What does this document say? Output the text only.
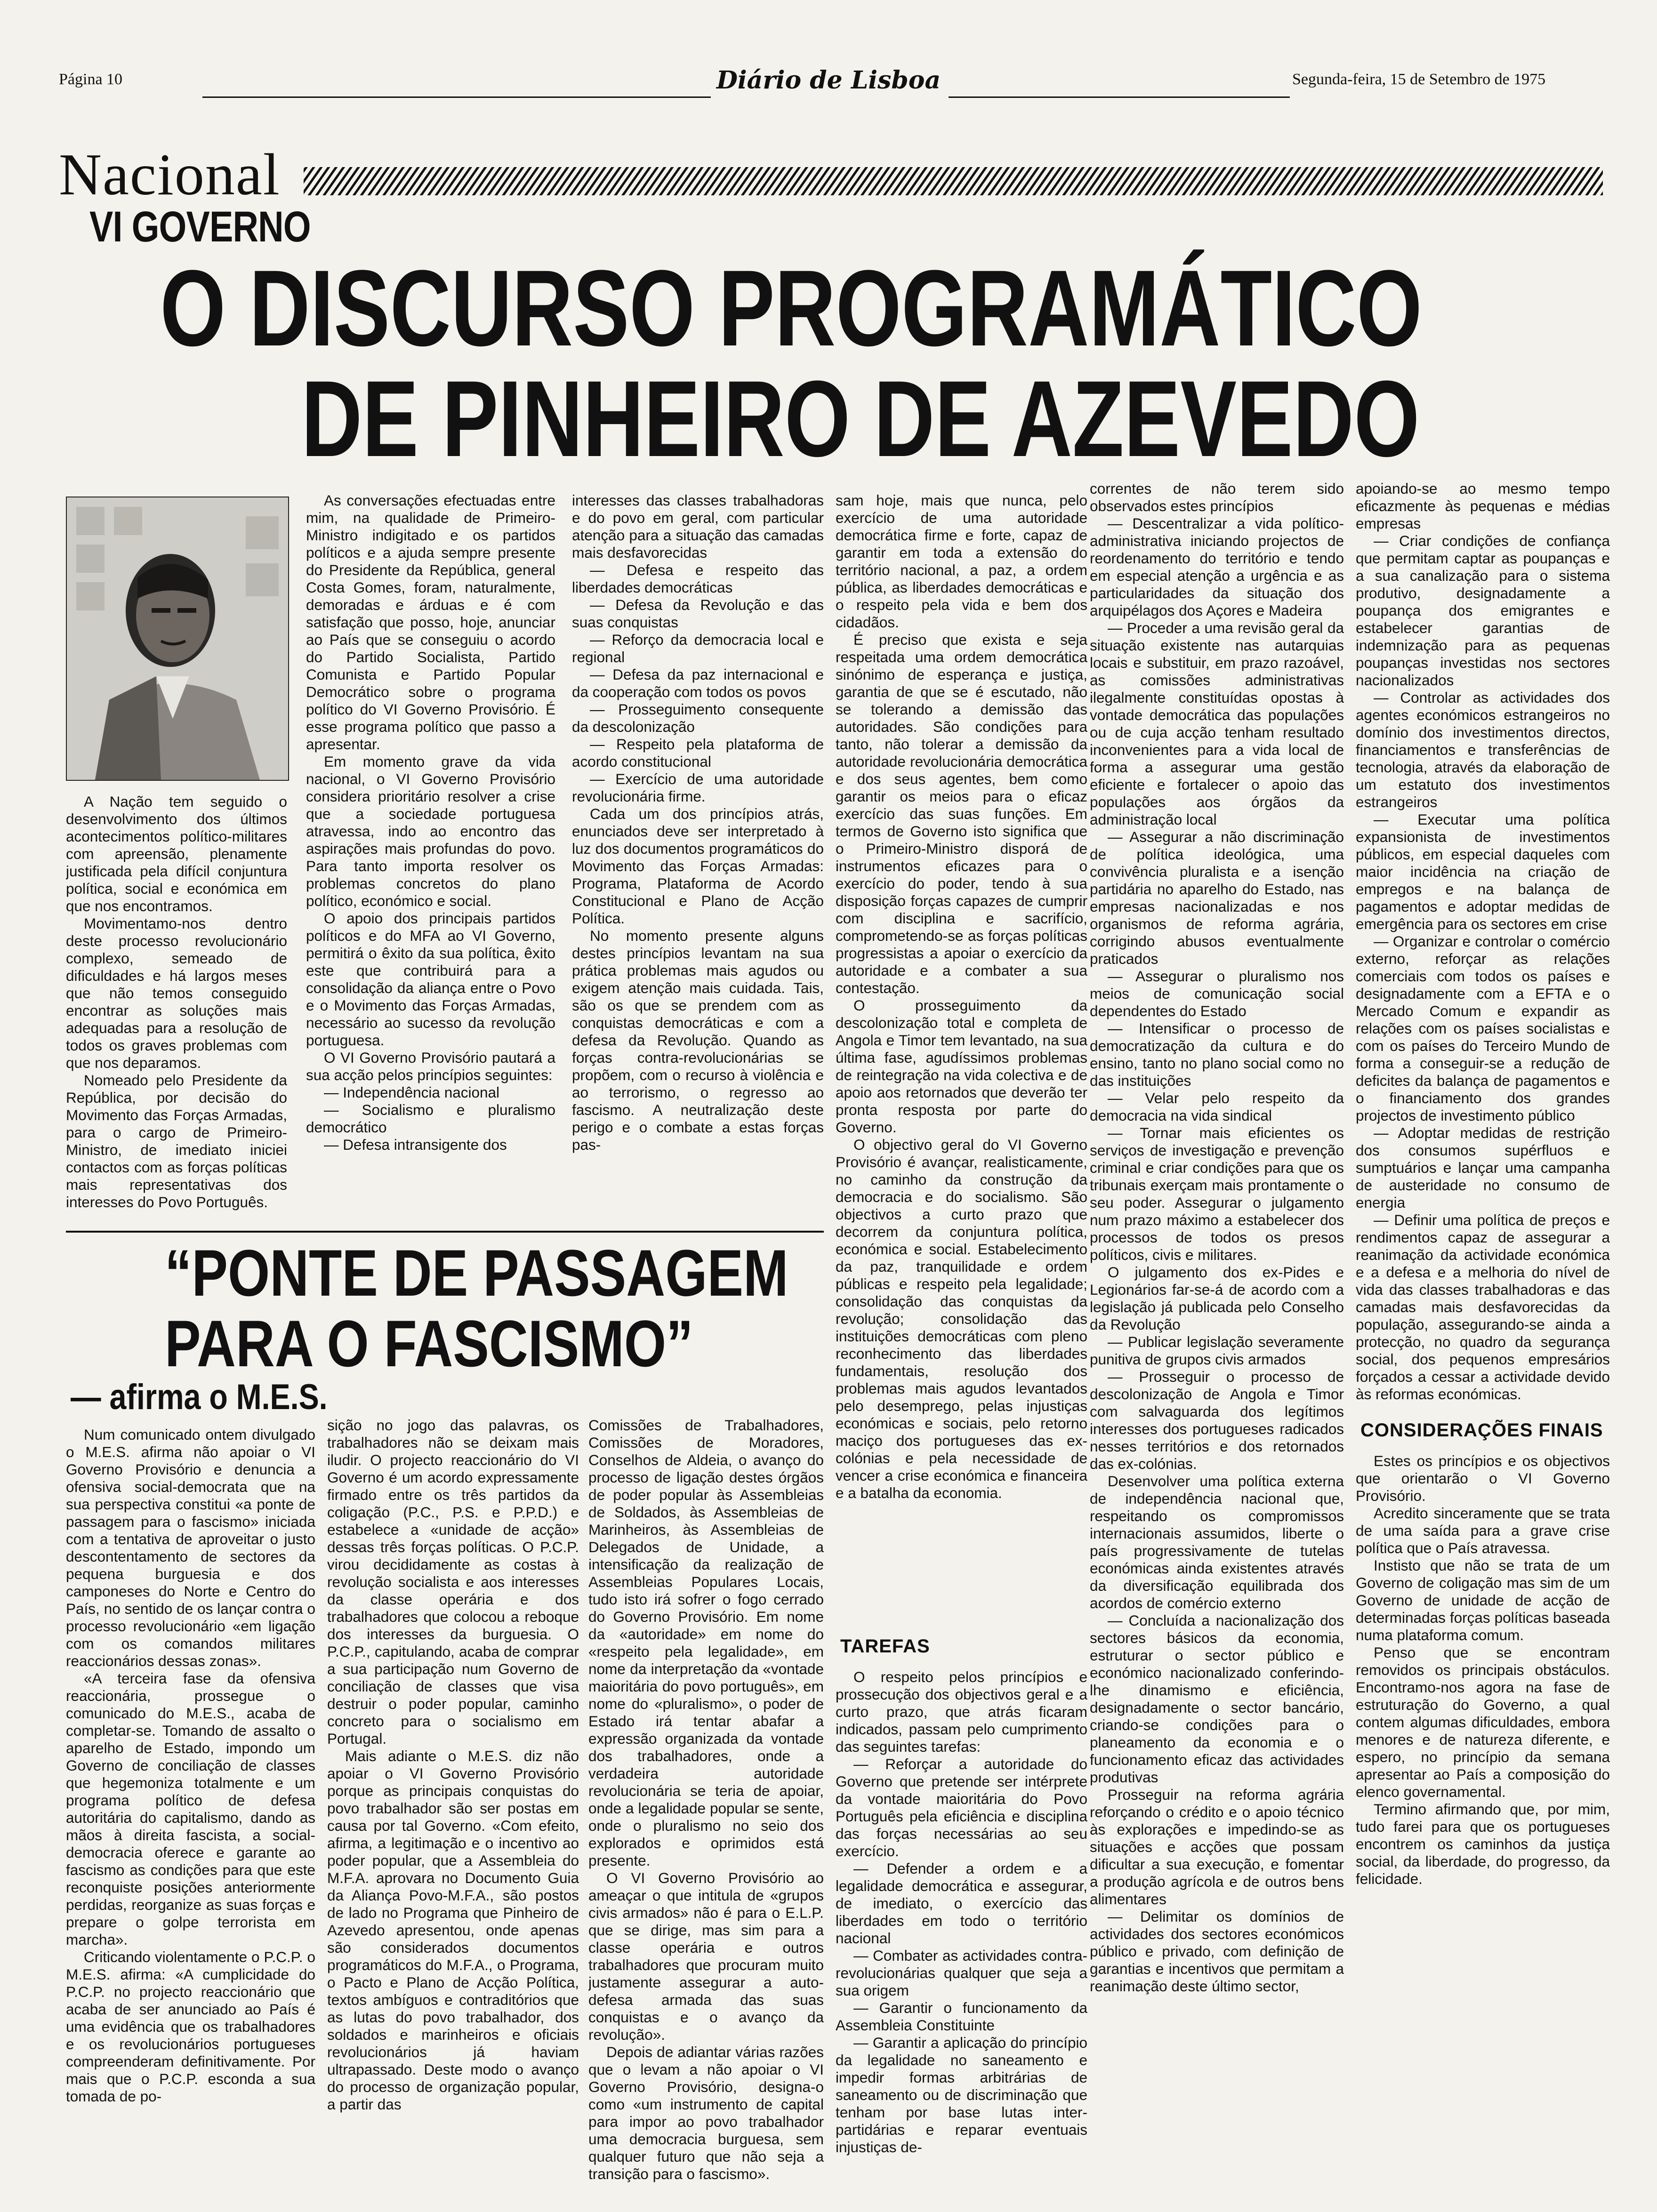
Página 10	Diário de Lisboa	Segunda-feira, 15 de Setembro de 1975
Nacional
VI GOVERNO
O DISCURSO PROGRAMÁTICO
DE PINHEIRO DE AZEVEDO

A Nação tem seguido o desenvolvimento dos últimos acontecimentos político-militares com apreensão, plenamente justificada pela difícil conjuntura política, social e económica em que nos encontramos.

Movimentamo-nos dentro deste processo revolucionário complexo, semeado de dificuldades e há largos meses que não temos conseguido encontrar as soluções mais adequadas para a resolução de todos os graves problemas com que nos deparamos.

Nomeado pelo Presidente da República, por decisão do Movimento das Forças Armadas, para o cargo de Primeiro-Ministro, de imediato iniciei contactos com as forças políticas mais representativas dos interesses do Povo Português.

As conversações efectuadas entre mim, na qualidade de Primeiro-Ministro indigitado e os partidos políticos e a ajuda sempre presente do Presidente da República, general Costa Gomes, foram, naturalmente, demoradas e árduas e é com satisfação que posso, hoje, anunciar ao País que se conseguiu o acordo do Partido Socialista, Partido Comunista e Partido Popular Democrático sobre o programa político do VI Governo Provisório. É esse programa político que passo a apresentar.

Em momento grave da vida nacional, o VI Governo Provisório considera prioritário resolver a crise que a sociedade portuguesa atravessa, indo ao encontro das aspirações mais profundas do povo. Para tanto importa resolver os problemas concretos do plano político, económico e social.

O apoio dos principais partidos políticos e do MFA ao VI Governo, permitirá o êxito da sua política, êxito este que contribuirá para a consolidação da aliança entre o Povo e o Movimento das Forças Armadas, necessário ao sucesso da revolução portuguesa.

O VI Governo Provisório pautará a sua acção pelos princípios seguintes:

— Independência nacional

— Socialismo e pluralismo democrático

— Defesa intransigente dos

interesses das classes trabalhadoras e do povo em geral, com particular atenção para a situação das camadas mais desfavorecidas

— Defesa e respeito das liberdades democráticas

— Defesa da Revolução e das suas conquistas

— Reforço da democracia local e regional

— Defesa da paz internacional e da cooperação com todos os povos

— Prosseguimento consequente da descolonização

— Respeito pela plataforma de acordo constitucional

— Exercício de uma autoridade revolucionária firme.

Cada um dos princípios atrás, enunciados deve ser interpretado à luz dos documentos programáticos do Movimento das Forças Armadas: Programa, Plataforma de Acordo Constitucional e Plano de Acção Política.

No momento presente alguns destes princípios levantam na sua prática problemas mais agudos ou exigem atenção mais cuidada. Tais, são os que se prendem com as conquistas democráticas e com a defesa da Revolução. Quando as forças contra-revolucionárias se propõem, com o recurso à violência e ao terrorismo, o regresso ao fascismo. A neutralização deste perigo e o combate a estas forças pas-

sam hoje, mais que nunca, pelo exercício de uma autoridade democrática firme e forte, capaz de garantir em toda a extensão do território nacional, a paz, a ordem pública, as liberdades democráticas e o respeito pela vida e bem dos cidadãos.

É preciso que exista e seja respeitada uma ordem democrática sinónimo de esperança e justiça, garantia de que se é escutado, não se tolerando a demissão das autoridades. São condições para tanto, não tolerar a demissão da autoridade revolucionária democrática e dos seus agentes, bem como garantir os meios para o eficaz exercício das suas funções. Em termos de Governo isto significa que o Primeiro-Ministro disporá de instrumentos eficazes para o exercício do poder, tendo à sua disposição forças capazes de cumprir com disciplina e sacrifício, comprometendo-se as forças políticas progressistas a apoiar o exercício da autoridade e a combater a sua contestação.

O prosseguimento da descolonização total e completa de Angola e Timor tem levantado, na sua última fase, agudíssimos problemas de reintegração na vida colectiva e de apoio aos retornados que deverão ter pronta resposta por parte do Governo.

O objectivo geral do VI Governo Provisório é avançar, realisticamente, no caminho da construção da democracia e do socialismo. São objectivos a curto prazo que decorrem da conjuntura política, económica e social. Estabelecimento da paz, tranquilidade e ordem públicas e respeito pela legalidade; consolidação das conquistas da revolução; consolidação das instituições democráticas com pleno reconhecimento das liberdades fundamentais, resolução dos problemas mais agudos levantados pelo desemprego, pelas injustiças económicas e sociais, pelo retorno maciço dos portugueses das ex-colónias e pela necessidade de vencer a crise económica e financeira e a batalha da economia.

TAREFAS

O respeito pelos princípios e prossecução dos objectivos geral e a curto prazo, que atrás ficaram indicados, passam pelo cumprimento das seguintes tarefas:

— Reforçar a autoridade do Governo que pretende ser intérprete da vontade maioritária do Povo Português pela eficiência e disciplina das forças necessárias ao seu exercício.

— Defender a ordem e a legalidade democrática e assegurar, de imediato, o exercício das liberdades em todo o território nacional

— Combater as actividades contra-revolucionárias qualquer que seja a sua origem

— Garantir o funcionamento da Assembleia Constituinte

— Garantir a aplicação do princípio da legalidade no saneamento e impedir formas arbitrárias de saneamento ou de discriminação que tenham por base lutas inter-partidárias e reparar eventuais injustiças de-

correntes de não terem sido observados estes princípios

— Descentralizar a vida político-administrativa iniciando projectos de reordenamento do território e tendo em especial atenção a urgência e as particularidades da situação dos arquipélagos dos Açores e Madeira

— Proceder a uma revisão geral da situação existente nas autarquias locais e substituir, em prazo razoável, as comissões administrativas ilegalmente constituídas opostas à vontade democrática das populações ou de cuja acção tenham resultado inconvenientes para a vida local de forma a assegurar uma gestão eficiente e fortalecer o apoio das populações aos órgãos da administração local

— Assegurar a não discriminação de política ideológica, uma convivência pluralista e a isenção partidária no aparelho do Estado, nas empresas nacionalizadas e nos organismos de reforma agrária, corrigindo abusos eventualmente praticados

— Assegurar o pluralismo nos meios de comunicação social dependentes do Estado

— Intensificar o processo de democratização da cultura e do ensino, tanto no plano social como no das instituições

— Velar pelo respeito da democracia na vida sindical

— Tornar mais eficientes os serviços de investigação e prevenção criminal e criar condições para que os tribunais exerçam mais prontamente o seu poder. Assegurar o julgamento num prazo máximo a estabelecer dos processos de todos os presos políticos, civis e militares.

O julgamento dos ex-Pides e Legionários far-se-á de acordo com a legislação já publicada pelo Conselho da Revolução

— Publicar legislação severamente punitiva de grupos civis armados

— Prosseguir o processo de descolonização de Angola e Timor com salvaguarda dos legítimos interesses dos portugueses radicados nesses territórios e dos retornados das ex-colónias.

Desenvolver uma política externa de independência nacional que, respeitando os compromissos internacionais assumidos, liberte o país progressivamente de tutelas económicas ainda existentes através da diversificação equilibrada dos acordos de comércio externo

— Concluída a nacionalização dos sectores básicos da economia, estruturar o sector público e económico nacionalizado conferindo-lhe dinamismo e eficiência, designadamente o sector bancário, criando-se condições para o planeamento da economia e o funcionamento eficaz das actividades produtivas

Prosseguir na reforma agrária reforçando o crédito e o apoio técnico às explorações e impedindo-se as situações e acções que possam dificultar a sua execução, e fomentar a produção agrícola e de outros bens alimentares

— Delimitar os domínios de actividades dos sectores económicos público e privado, com definição de garantias e incentivos que permitam a reanimação deste último sector,

apoiando-se ao mesmo tempo eficazmente às pequenas e médias empresas

— Criar condições de confiança que permitam captar as poupanças e a sua canalização para o sistema produtivo, designadamente a poupança dos emigrantes e estabelecer garantias de indemnização para as pequenas poupanças investidas nos sectores nacionalizados

— Controlar as actividades dos agentes económicos estrangeiros no domínio dos investimentos directos, financiamentos e transferências de tecnologia, através da elaboração de um estatuto dos investimentos estrangeiros

— Executar uma política expansionista de investimentos públicos, em especial daqueles com maior incidência na criação de empregos e na balança de pagamentos e adoptar medidas de emergência para os sectores em crise

— Organizar e controlar o comércio externo, reforçar as relações comerciais com todos os países e designadamente com a EFTA e o Mercado Comum e expandir as relações com os países socialistas e com os países do Terceiro Mundo de forma a conseguir-se a redução de deficites da balança de pagamentos e o financiamento dos grandes projectos de investimento público

— Adoptar medidas de restrição dos consumos supérfluos e sumptuários e lançar uma campanha de austeridade no consumo de energia

— Definir uma política de preços e rendimentos capaz de assegurar a reanimação da actividade económica e a defesa e a melhoria do nível de vida das classes trabalhadoras e das camadas mais desfavorecidas da população, assegurando-se ainda a protecção, no quadro da segurança social, dos pequenos empresários forçados a cessar a actividade devido às reformas económicas.

CONSIDERAÇÕES FINAIS

Estes os princípios e os objectivos que orientarão o VI Governo Provisório.

Acredito sinceramente que se trata de uma saída para a grave crise política que o País atravessa.

Instisto que não se trata de um Governo de coligação mas sim de um Governo de unidade de acção de determinadas forças políticas baseada numa plataforma comum.

Penso que se encontram removidos os principais obstáculos. Encontramo-nos agora na fase de estruturação do Governo, a qual contem algumas dificuldades, embora menores e de natureza diferente, e espero, no princípio da semana apresentar ao País a composição do elenco governamental.

Termino afirmando que, por mim, tudo farei para que os portugueses encontrem os caminhos da justiça social, da liberdade, do progresso, da felicidade.

“PONTE DE PASSAGEM
PARA O FASCISMO”
— afirma o M.E.S.

Num comunicado ontem divulgado o M.E.S. afirma não apoiar o VI Governo Provisório e denuncia a ofensiva social-democrata que na sua perspectiva constitui «a ponte de passagem para o fascismo» iniciada com a tentativa de aproveitar o justo descontentamento de sectores da pequena burguesia e dos camponeses do Norte e Centro do País, no sentido de os lançar contra o processo revolucionário «em ligação com os comandos militares reaccionários dessas zonas».

«A terceira fase da ofensiva reaccionária, prossegue o comunicado do M.E.S., acaba de completar-se. Tomando de assalto o aparelho de Estado, impondo um Governo de conciliação de classes que hegemoniza totalmente e um programa político de defesa autoritária do capitalismo, dando as mãos à direita fascista, a social-democracia oferece e garante ao fascismo as condições para que este reconquiste posições anteriormente perdidas, reorganize as suas forças e prepare o golpe terrorista em marcha».

Criticando violentamente o P.C.P. o M.E.S. afirma: «A cumplicidade do P.C.P. no projecto reaccionário que acaba de ser anunciado ao País é uma evidência que os trabalhadores e os revolucionários portugueses compreenderam definitivamente. Por mais que o P.C.P. esconda a sua tomada de po-

sição no jogo das palavras, os trabalhadores não se deixam mais iludir. O projecto reaccionário do VI Governo é um acordo expressamente firmado entre os três partidos da coligação (P.C., P.S. e P.P.D.) e estabelece a «unidade de acção» dessas três forças políticas. O P.C.P. virou decididamente as costas à revolução socialista e aos interesses da classe operária e dos trabalhadores que colocou a reboque dos interesses da burguesia. O P.C.P., capitulando, acaba de comprar a sua participação num Governo de conciliação de classes que visa destruir o poder popular, caminho concreto para o socialismo em Portugal.

Mais adiante o M.E.S. diz não apoiar o VI Governo Provisório porque as principais conquistas do povo trabalhador são ser postas em causa por tal Governo. «Com efeito, afirma, a legitimação e o incentivo ao poder popular, que a Assembleia do M.F.A. aprovara no Documento Guia da Aliança Povo-M.F.A., são postos de lado no Programa que Pinheiro de Azevedo apresentou, onde apenas são considerados documentos programáticos do M.F.A., o Programa, o Pacto e Plano de Acção Política, textos ambíguos e contraditórios que as lutas do povo trabalhador, dos soldados e marinheiros e oficiais revolucionários já haviam ultrapassado. Deste modo o avanço do processo de organização popular, a partir das

Comissões de Trabalhadores, Comissões de Moradores, Conselhos de Aldeia, o avanço do processo de ligação destes órgãos de poder popular às Assembleias de Soldados, às Assembleias de Marinheiros, às Assembleias de Delegados de Unidade, a intensificação da realização de Assembleias Populares Locais, tudo isto irá sofrer o fogo cerrado do Governo Provisório. Em nome da «autoridade» em nome do «respeito pela legalidade», em nome da interpretação da «vontade maioritária do povo português», em nome do «pluralismo», o poder de Estado irá tentar abafar a expressão organizada da vontade dos trabalhadores, onde a verdadeira autoridade revolucionária se teria de apoiar, onde a legalidade popular se sente, onde o pluralismo no seio dos explorados e oprimidos está presente.

O VI Governo Provisório ao ameaçar o que intitula de «grupos civis armados» não é para o E.L.P. que se dirige, mas sim para a classe operária e outros trabalhadores que procuram muito justamente assegurar a auto-defesa armada das suas conquistas e o avanço da revolução».

Depois de adiantar várias razões que o levam a não apoiar o VI Governo Provisório, designa-o como «um instrumento de capital para impor ao povo trabalhador uma democracia burguesa, sem qualquer futuro que não seja a transição para o fascismo».
